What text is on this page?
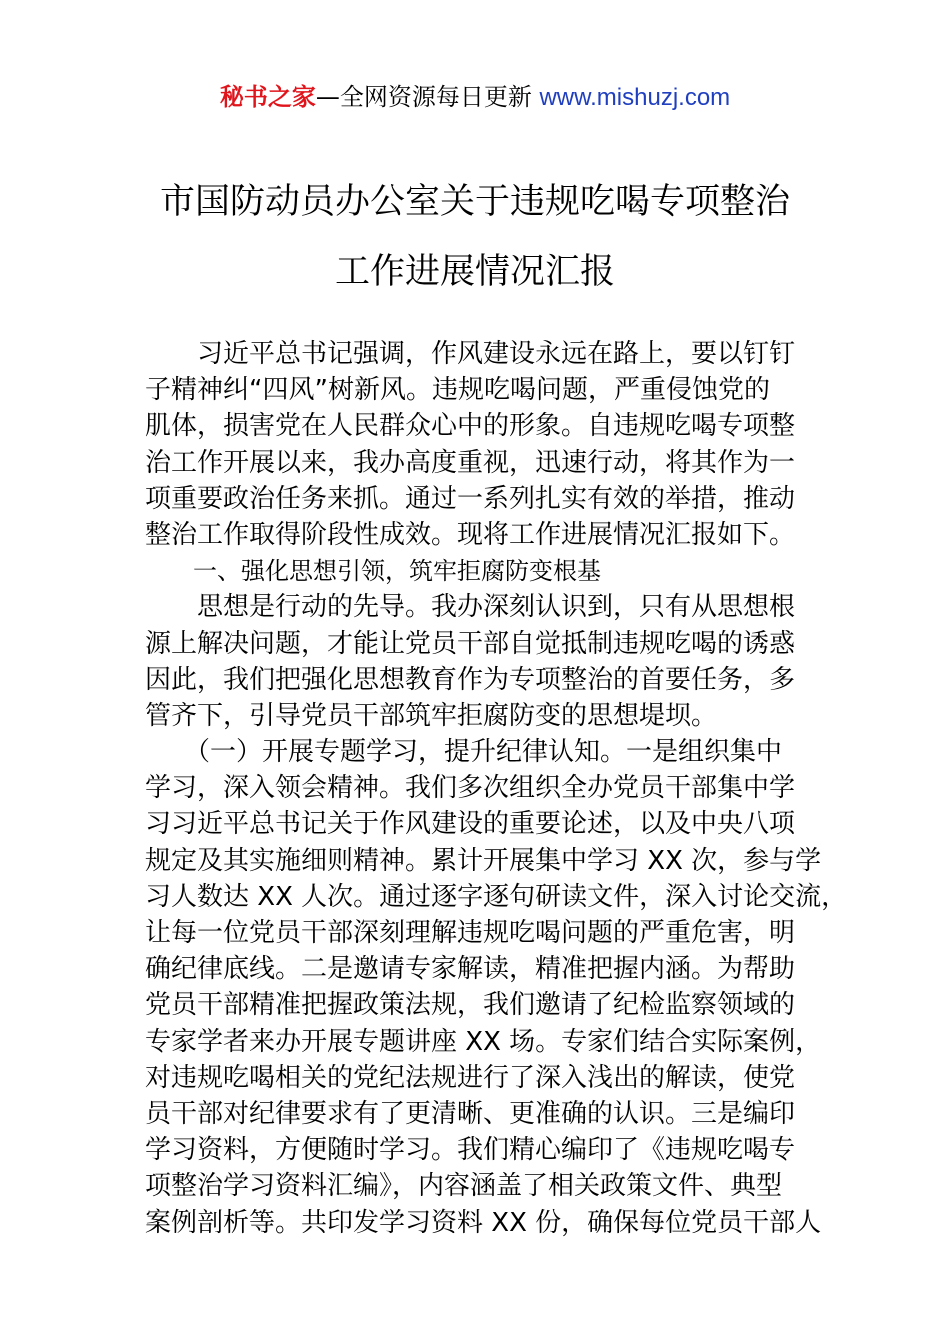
秘书之家—全网资源每日更新 www.mishuzj.com
市国防动员办公室关于违规吃喝专项整治
工作进展情况汇报
　　习近平总书记强调，作风建设永远在路上，要以钉钉
子精神纠“四风”树新风。违规吃喝问题，严重侵蚀党的
肌体，损害党在人民群众心中的形象。自违规吃喝专项整
治工作开展以来，我办高度重视，迅速行动，将其作为一
项重要政治任务来抓。通过一系列扎实有效的举措，推动
整治工作取得阶段性成效。现将工作进展情况汇报如下。
　　一、强化思想引领，筑牢拒腐防变根基
　　思想是行动的先导。我办深刻认识到，只有从思想根
源上解决问题，才能让党员干部自觉抵制违规吃喝的诱惑
因此，我们把强化思想教育作为专项整治的首要任务，多
管齐下，引导党员干部筑牢拒腐防变的思想堤坝。
　　（一）开展专题学习，提升纪律认知。一是组织集中
学习，深入领会精神。我们多次组织全办党员干部集中学
习习近平总书记关于作风建设的重要论述，以及中央八项
规定及其实施细则精神。累计开展集中学习 XX 次，参与学
习人数达 XX 人次。通过逐字逐句研读文件，深入讨论交流，
让每一位党员干部深刻理解违规吃喝问题的严重危害，明
确纪律底线。二是邀请专家解读，精准把握内涵。为帮助
党员干部精准把握政策法规，我们邀请了纪检监察领域的
专家学者来办开展专题讲座 XX 场。专家们结合实际案例，
对违规吃喝相关的党纪法规进行了深入浅出的解读，使党
员干部对纪律要求有了更清晰、更准确的认识。三是编印
学习资料，方便随时学习。我们精心编印了《违规吃喝专
项整治学习资料汇编》，内容涵盖了相关政策文件、典型
案例剖析等。共印发学习资料 XX 份，确保每位党员干部人
